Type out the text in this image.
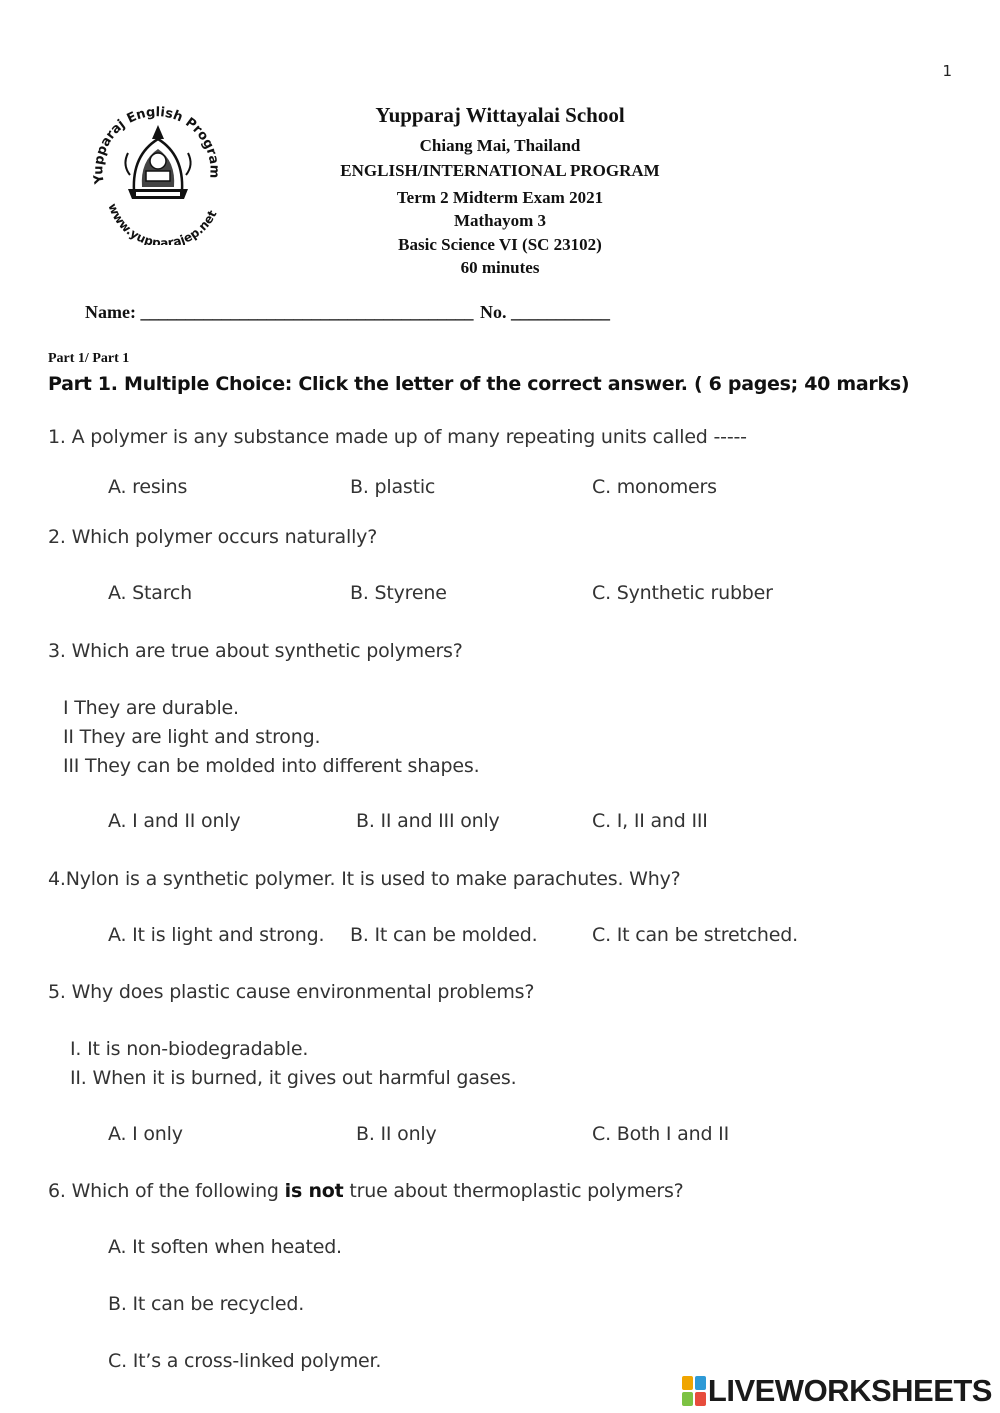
1
Yupparaj English Program
www.yupparajep.net
Yupparaj Wittayalai School
Chiang Mai, Thailand
ENGLISH/INTERNATIONAL PROGRAM
Term 2 Midterm Exam 2021
Mathayom 3
Basic Science VI (SC 23102)
60 minutes
Name: _____________________________________ No. ___________
Part 1/ Part 1
Part 1. Multiple Choice: Click the letter of the correct answer. ( 6 pages; 40 marks)
1. A polymer is any substance made up of many repeating units called -----
A. resins	B. plastic	C. monomers
2. Which polymer occurs naturally?
A. Starch	B. Styrene	C. Synthetic rubber
3. Which are true about synthetic polymers?
I They are durable.
II They are light and strong.
III They can be molded into different shapes.
A. I and II only	B. II and III only	C. I, II and III
4.Nylon is a synthetic polymer. It is used to make parachutes. Why?
A. It is light and strong. B. It can be molded.	C. It can be stretched.
5. Why does plastic cause environmental problems?
I. It is non-biodegradable.
II. When it is burned, it gives out harmful gases.
A. I only	B. II only	C. Both I and II
6. Which of the following is not true about thermoplastic polymers?
A. It soften when heated.
B. It can be recycled.
C. It’s a cross-linked polymer.
LIVEWORKSHEETS
